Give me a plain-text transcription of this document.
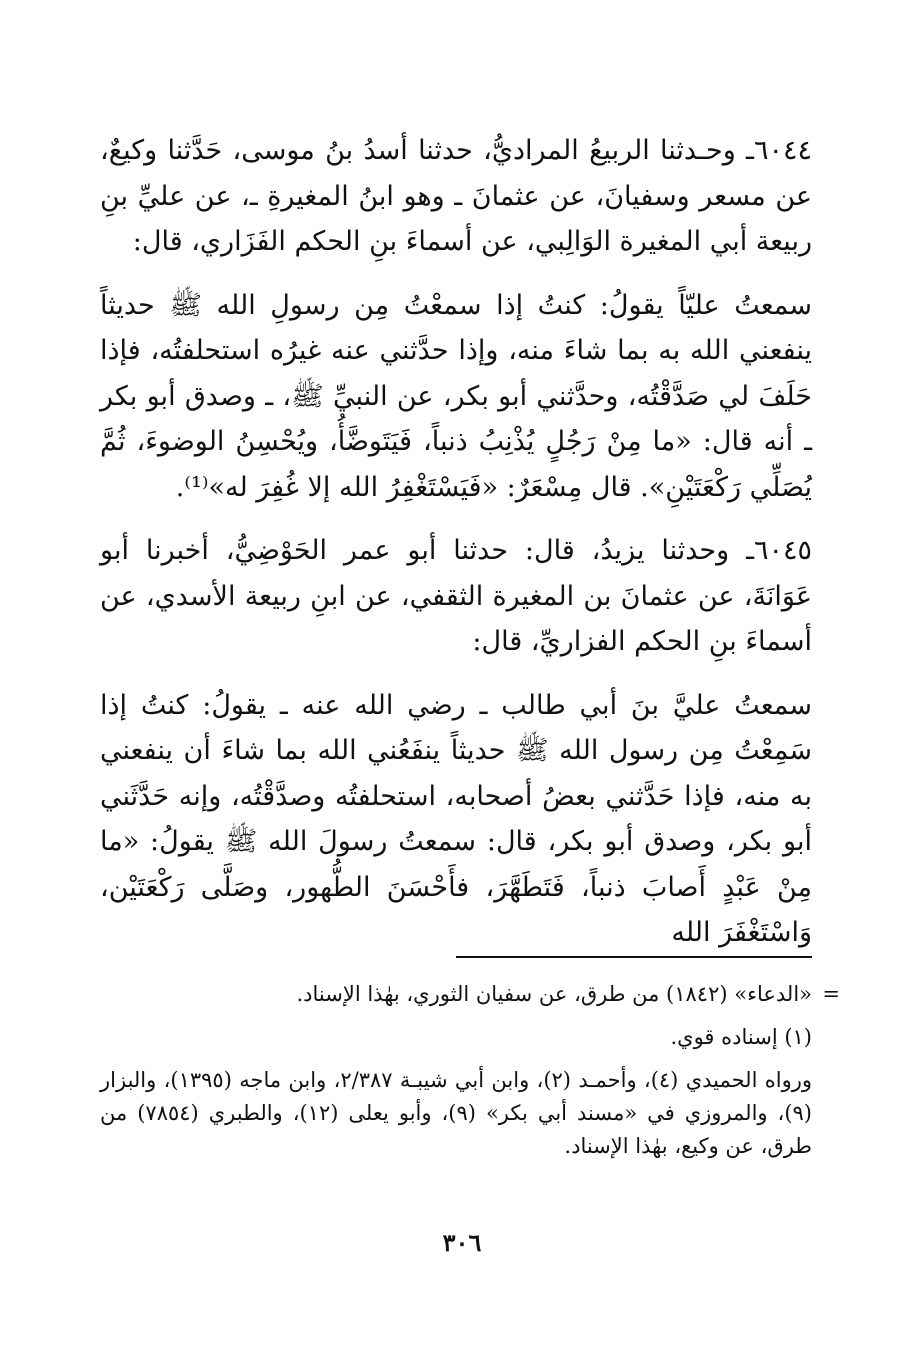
٦٠٤٤ـ وحـدثنا الربيعُ المراديُّ، حدثنا أسدُ بنُ موسى، حَدَّثنا وكيعٌ، عن مسعر وسفيانَ، عن عثمانَ ـ وهو ابنُ المغيرةِ ـ، عن عليِّ بنِ ربيعة أبي المغيرة الوَالِبي، عن أسماءَ بنِ الحكم الفَزَاري، قال:

سمعتُ عليّاً يقولُ: كنتُ إذا سمعْتُ مِن رسولِ الله ﷺ حديثاً ينفعني الله به بما شاءَ منه، وإذا حدَّثني عنه غيرُه استحلفتُه، فإذا حَلَفَ لي صَدَّقْتُه، وحدَّثني أبو بكر، عن النبيِّ ﷺ، ـ وصدق أبو بكر ـ أنه قال: «ما مِنْ رَجُلٍ يُذْنِبُ ذنباً، فَيَتَوضَّأُ، ويُحْسِنُ الوضوءَ، ثُمَّ يُصَلِّي رَكْعَتَيْنِ». قال مِسْعَرٌ: «فَيَسْتَغْفِرُ الله إلا غُفِرَ له»⁽¹⁾.

٦٠٤٥ـ وحدثنا يزيدُ، قال: حدثنا أبو عمر الحَوْضِيُّ، أخبرنا أبو عَوَانَةَ، عن عثمانَ بن المغيرة الثقفي، عن ابنِ ربيعة الأسدي، عن أسماءَ بنِ الحكم الفزاريِّ، قال:

سمعتُ عليَّ بنَ أبي طالب ـ رضي الله عنه ـ يقولُ: كنتُ إذا سَمِعْتُ مِن رسول الله ﷺ حديثاً ينفَعُني الله بما شاءَ أن ينفعني به منه، فإذا حَدَّثني بعضُ أصحابه، استحلفتُه وصدَّقْتُه، وإنه حَدَّثَني أبو بكر، وصدق أبو بكر، قال: سمعتُ رسولَ الله ﷺ يقولُ: «ما مِنْ عَبْدٍ أَصابَ ذنباً، فَتَطَهَّرَ، فأَحْسَنَ الطُّهور، وصَلَّى رَكْعَتَيْن، وَاسْتَغْفَرَ الله

=
«الدعاء» (١٨٤٢) من طرق، عن سفيان الثوري، بهٰذا الإسناد.

(١) إسناده قوي.

ورواه الحميدي (٤)، وأحمـد (٢)، وابن أبي شيبـة ٢/٣٨٧، وابن ماجه (١٣٩٥)، والبزار (٩)، والمروزي في «مسند أبي بكر» (٩)، وأبو يعلى (١٢)، والطبري (٧٨٥٤) من طرق، عن وكيع، بهٰذا الإسناد.

٣٠٦
